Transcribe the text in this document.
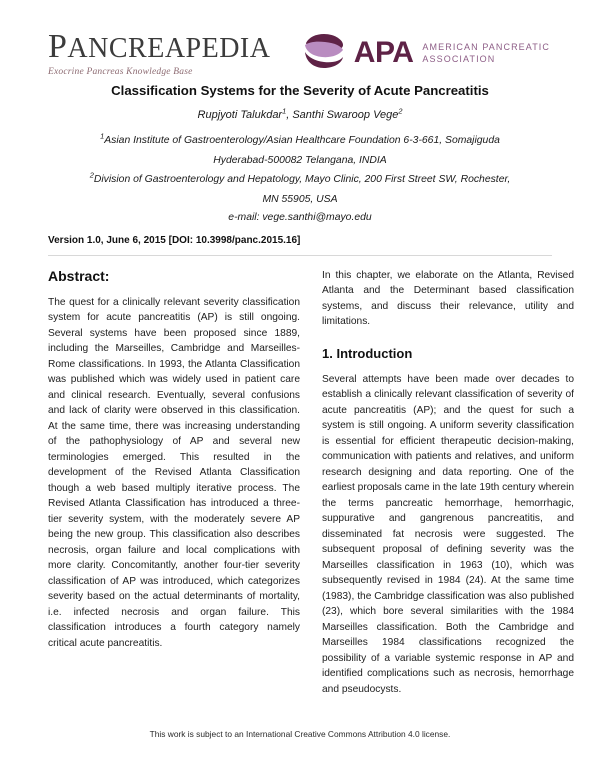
PANCREAPEDIA
Exocrine Pancreas Knowledge Base
APA AMERICAN PANCREATIC
ASSOCIATION
Classification Systems for the Severity of Acute Pancreatitis
Rupjyoti Talukdar$^1$, Santhi Swaroop Vege$^2$
$^1$Asian Institute of Gastroenterology/Asian Healthcare Foundation 6-3-661, Somajiguda
Hyderabad-500082 Telangana, INDIA
$^2$Division of Gastroenterology and Hepatology, Mayo Clinic, 200 First Street SW, Rochester,
MN 55905, USA
e-mail: vege.santhi@mayo.edu
Version 1.0, June 6, 2015 [DOI: 10.3998/panc.2015.16]
Abstract:

The quest for a clinically relevant severity classification system for acute pancreatitis (AP) is still ongoing. Several systems have been proposed since 1889, including the Marseilles, Cambridge and Marseilles-Rome classifications. In 1993, the Atlanta Classification was published which was widely used in patient care and clinical research. Eventually, several confusions and lack of clarity were observed in this classification. At the same time, there was increasing understanding of the pathophysiology of AP and several new terminologies emerged. This resulted in the development of the Revised Atlanta Classification though a web based multiply iterative process. The Revised Atlanta Classification has introduced a three-tier severity system, with the moderately severe AP being the new group. This classification also describes necrosis, organ failure and local complications with more clarity. Concomitantly, another four-tier severity classification of AP was introduced, which categorizes severity based on the actual determinants of mortality, i.e. infected necrosis and organ failure. This classification introduces a fourth category namely critical acute pancreatitis.

In this chapter, we elaborate on the Atlanta, Revised Atlanta and the Determinant based classification systems, and discuss their relevance, utility and limitations.

1. Introduction

Several attempts have been made over decades to establish a clinically relevant classification of severity of acute pancreatitis (AP); and the quest for such a system is still ongoing. A uniform severity classification is essential for efficient therapeutic decision-making, communication with patients and relatives, and uniform research designing and data reporting. One of the earliest proposals came in the late 19th century wherein the terms pancreatic hemorrhage, hemorrhagic, suppurative and gangrenous pancreatitis, and disseminated fat necrosis were suggested. The subsequent proposal of defining severity was the Marseilles classification in 1963 (10), which was subsequently revised in 1984 (24). At the same time (1983), the Cambridge classification was also published (23), which bore several similarities with the 1984 Marseilles classification. Both the Cambridge and Marseilles 1984 classifications recognized the possibility of a variable systemic response in AP and identified complications such as necrosis, hemorrhage and pseudocysts.

This work is subject to an International Creative Commons Attribution 4.0 license.
